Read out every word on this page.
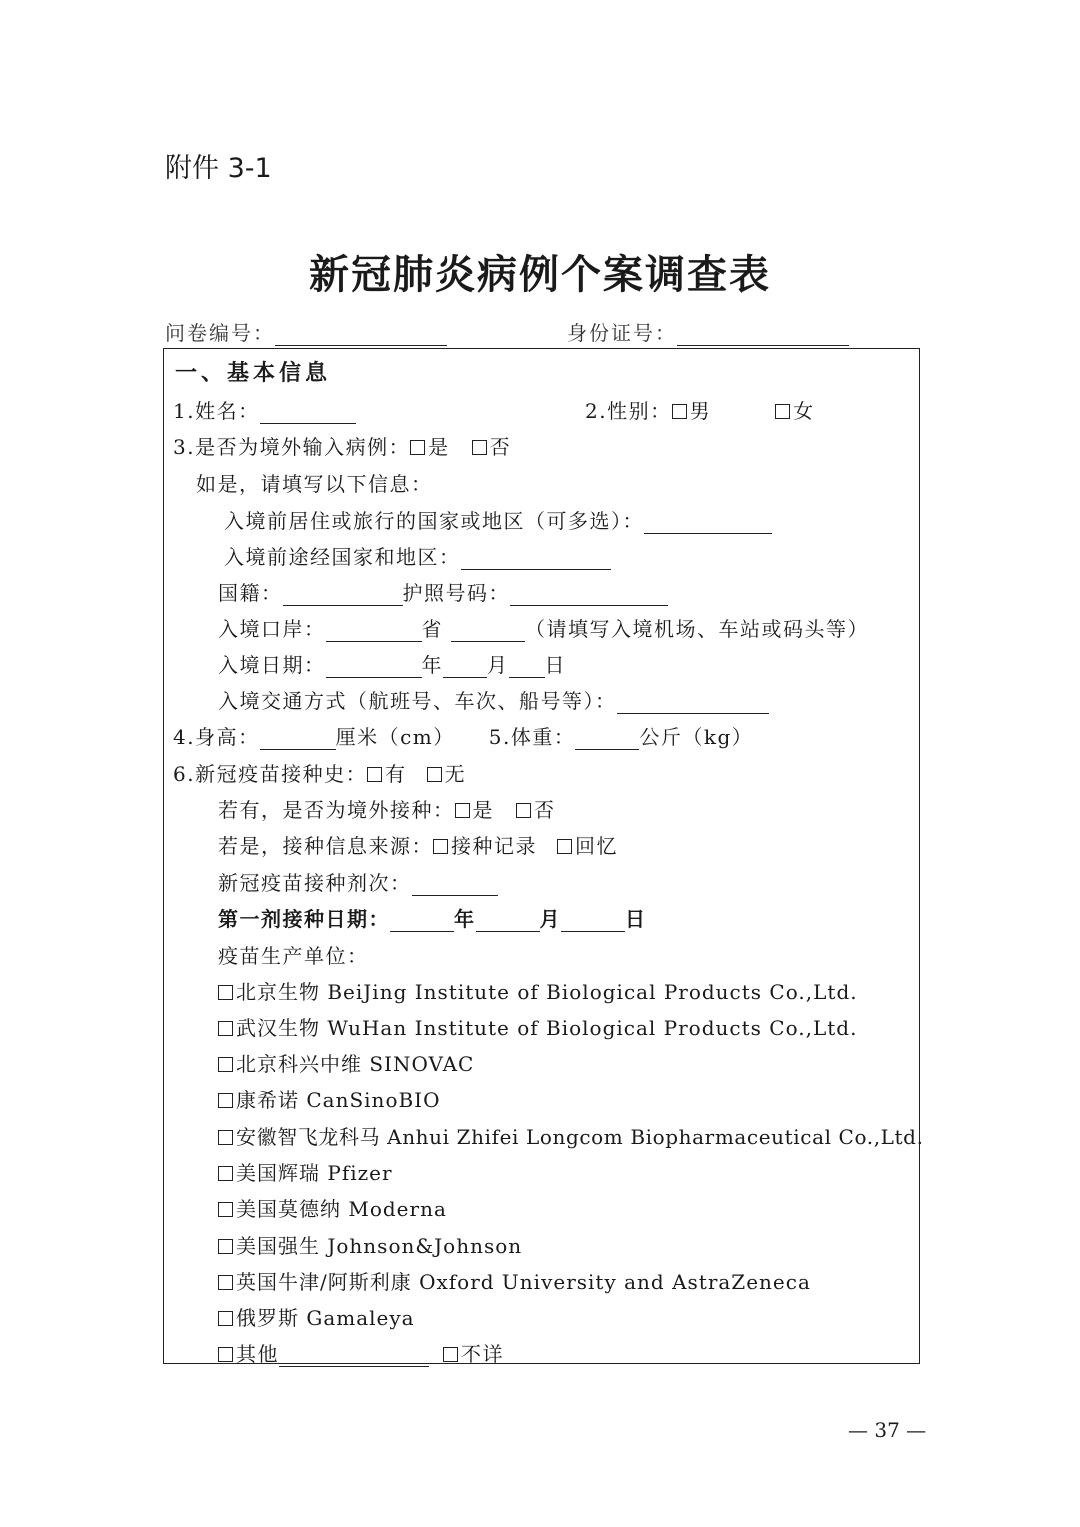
附件 3-1
新冠肺炎病例个案调查表
问卷编号：	身份证号：
一、基本信息
1.姓名：	2.性别： 男	女
3.是否为境外输入病例： 是 否
如是，请填写以下信息：
入境前居住或旅行的国家或地区（可多选）：
入境前途经国家和地区：
国籍：	护照号码：
入境口岸：	省	（请填写入境机场、车站或码头等）
入境日期：	年 月 日
入境交通方式（航班号、车次、船号等）：
4.身高：	厘米（cm） 5.体重：	公斤（kg）
6.新冠疫苗接种史： 有 无
若有，是否为境外接种： 是 否
若是，接种信息来源： 接种记录 回忆
新冠疫苗接种剂次：
第一剂接种日期：	年	月	日
疫苗生产单位：
北京生物 BeiJing Institute of Biological Products Co.,Ltd.
武汉生物 WuHan Institute of Biological Products Co.,Ltd.
北京科兴中维 SINOVAC
康希诺 CanSinoBIO
安徽智飞龙科马 Anhui Zhifei Longcom Biopharmaceutical Co.,Ltd.
美国辉瑞 Pfizer
美国莫德纳 Moderna
美国强生 Johnson&Johnson
英国牛津/阿斯利康 Oxford University and AstraZeneca
俄罗斯 Gamaleya
其他	不详
— 37 —
